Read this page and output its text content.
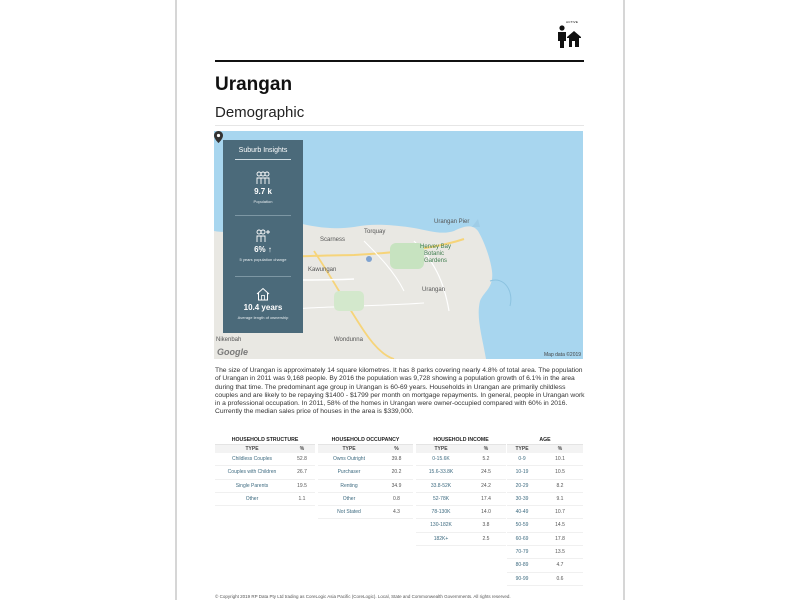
ACTIVE
Urangan
Demographic
Torquay
Urangan Pier
Scarness
Hervey Bay
Botanic
Gardens
Kawungan
Urangan
Nikenbah	Wondunna
Google	Map data ©2019
Suburb Insights
9.7 k
Population
6% ↑
5 years population change
10.4 years
Average length of ownership
The size of Urangan is approximately 14 square kilometres. It has 8 parks covering nearly 4.8% of total area. The population of Urangan in 2011 was 9,168 people. By 2016 the population was 9,728 showing a population growth of 6.1% in the area during that time. The predominant age group in Urangan is 60-69 years. Households in Urangan are primarily childless couples and are likely to be repaying $1400 - $1799 per month on mortgage repayments. In general, people in Urangan work in a professional occupation. In 2011, 58% of the homes in Urangan were owner-occupied compared with 60% in 2016. Currently the median sales price of houses in the area is $339,000.
HOUSEHOLD STRUCTURE
TYPE	%
Childless Couples	52.8
Couples with Children	26.7
Single Parents	19.5
Other	1.1
HOUSEHOLD OCCUPANCY
TYPE	%
Owns Outright	39.8
Purchaser	20.2
Renting	34.9
Other	0.8
Not Stated	4.3
HOUSEHOLD INCOME
TYPE	%
0-15.6K	5.2
15.6-33.8K	24.5
33.8-52K	24.2
52-78K	17.4
78-130K	14.0
130-182K	3.8
182K+	2.5
AGE
TYPE	%
0-9	10.1
10-19	10.5
20-29	8.2
30-39	9.1
40-49	10.7
50-59	14.5
60-69	17.8
70-79	13.5
80-89	4.7
90-99	0.6
© Copyright 2019 RP Data Pty Ltd trading as CoreLogic Asia Pacific (CoreLogic). Local, State and Commonwealth Governments. All rights reserved.
